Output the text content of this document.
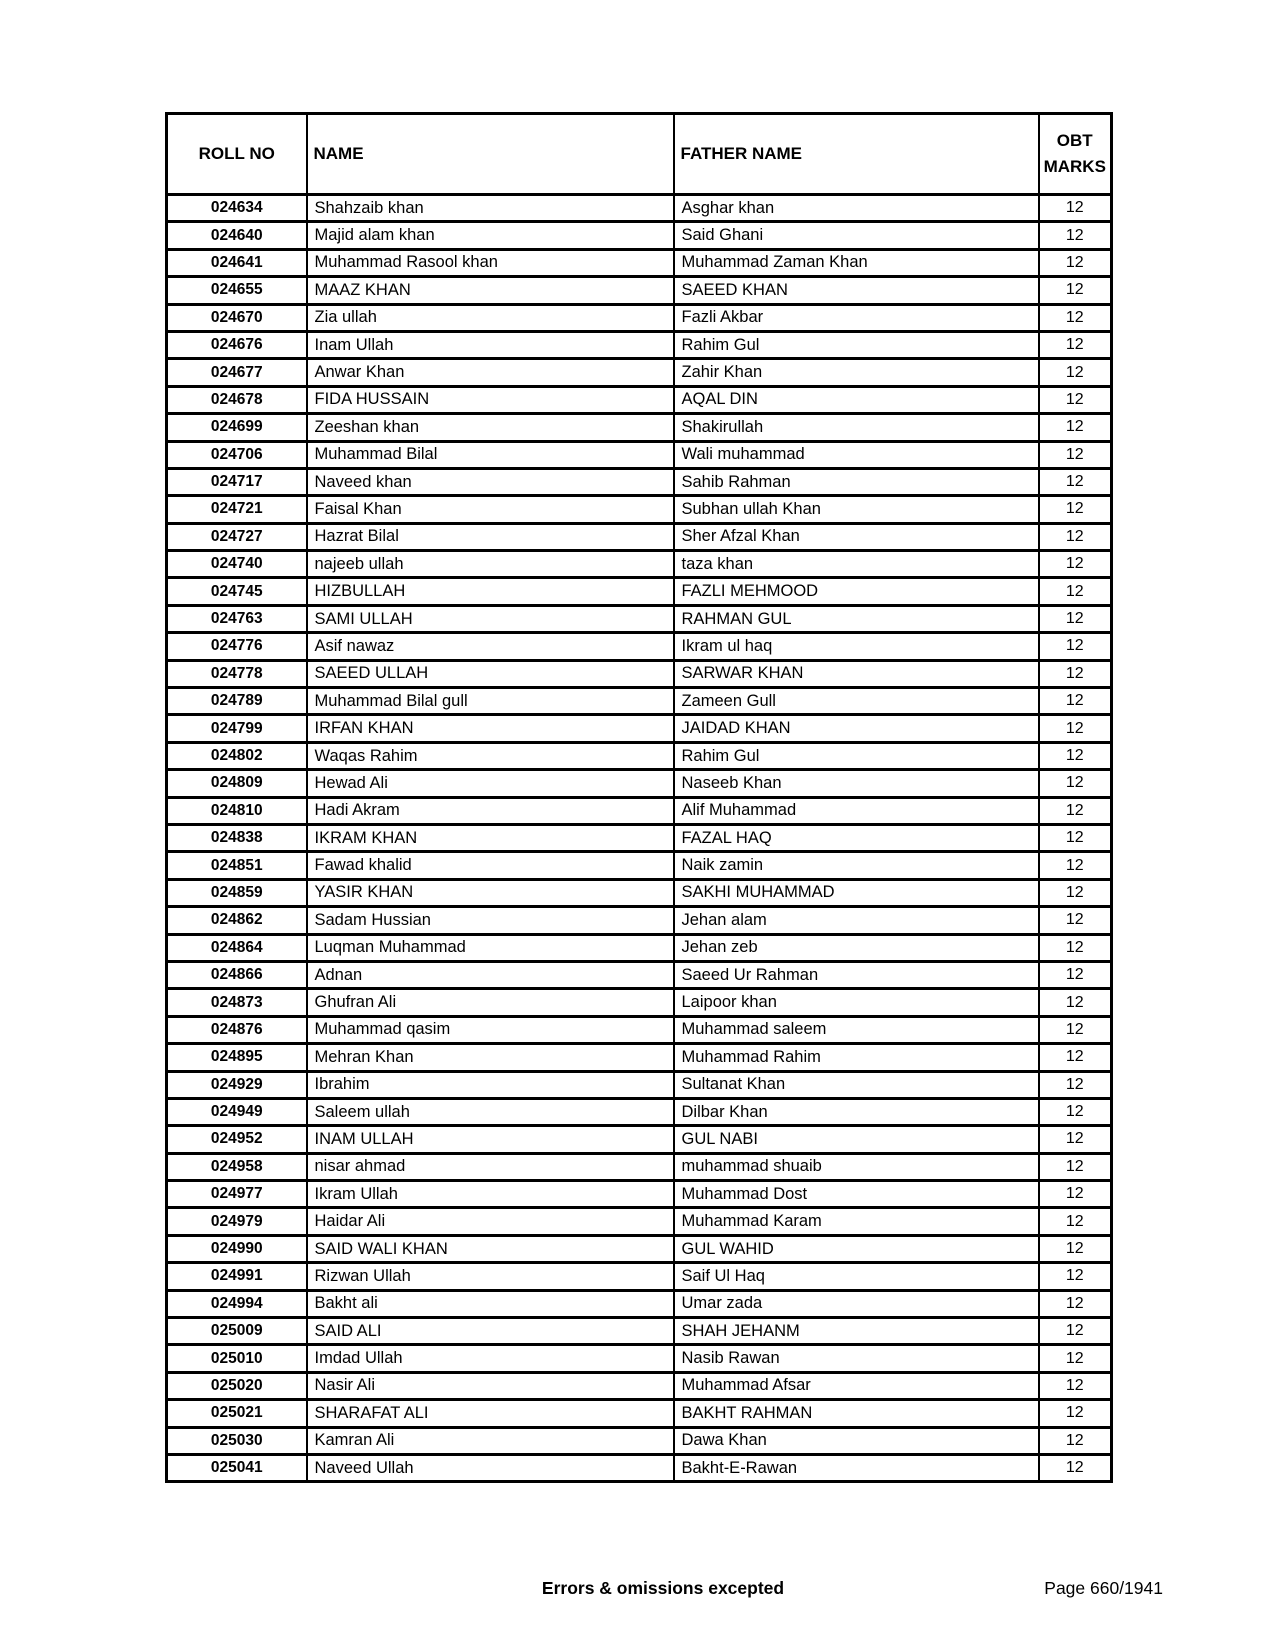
ROLL NO	NAME	FATHER NAME	OBT MARKS
024634	Shahzaib khan	Asghar khan	12
024640	Majid alam khan	Said Ghani	12
024641	Muhammad Rasool khan	Muhammad Zaman Khan	12
024655	MAAZ KHAN	SAEED KHAN	12
024670	Zia ullah	Fazli Akbar	12
024676	Inam Ullah	Rahim Gul	12
024677	Anwar Khan	Zahir Khan	12
024678	FIDA HUSSAIN	AQAL DIN	12
024699	Zeeshan khan	Shakirullah	12
024706	Muhammad Bilal	Wali muhammad	12
024717	Naveed khan	Sahib Rahman	12
024721	Faisal Khan	Subhan ullah Khan	12
024727	Hazrat Bilal	Sher Afzal Khan	12
024740	najeeb ullah	taza khan	12
024745	HIZBULLAH	FAZLI MEHMOOD	12
024763	SAMI ULLAH	RAHMAN GUL	12
024776	Asif nawaz	Ikram ul haq	12
024778	SAEED ULLAH	SARWAR KHAN	12
024789	Muhammad Bilal gull	Zameen Gull	12
024799	IRFAN KHAN	JAIDAD KHAN	12
024802	Waqas Rahim	Rahim Gul	12
024809	Hewad Ali	Naseeb Khan	12
024810	Hadi Akram	Alif Muhammad	12
024838	IKRAM KHAN	FAZAL HAQ	12
024851	Fawad khalid	Naik zamin	12
024859	YASIR KHAN	SAKHI MUHAMMAD	12
024862	Sadam Hussian	Jehan alam	12
024864	Luqman Muhammad	Jehan zeb	12
024866	Adnan	Saeed Ur Rahman	12
024873	Ghufran Ali	Laipoor khan	12
024876	Muhammad qasim	Muhammad saleem	12
024895	Mehran Khan	Muhammad Rahim	12
024929	Ibrahim	Sultanat Khan	12
024949	Saleem ullah	Dilbar Khan	12
024952	INAM ULLAH	GUL NABI	12
024958	nisar ahmad	muhammad shuaib	12
024977	Ikram Ullah	Muhammad Dost	12
024979	Haidar Ali	Muhammad Karam	12
024990	SAID WALI KHAN	GUL WAHID	12
024991	Rizwan Ullah	Saif Ul Haq	12
024994	Bakht ali	Umar zada	12
025009	SAID ALI	SHAH JEHANM	12
025010	Imdad Ullah	Nasib Rawan	12
025020	Nasir Ali	Muhammad Afsar	12
025021	SHARAFAT ALI	BAKHT RAHMAN	12
025030	Kamran Ali	Dawa Khan	12
025041	Naveed Ullah	Bakht-E-Rawan	12
Errors & omissions excepted	Page 660/1941
